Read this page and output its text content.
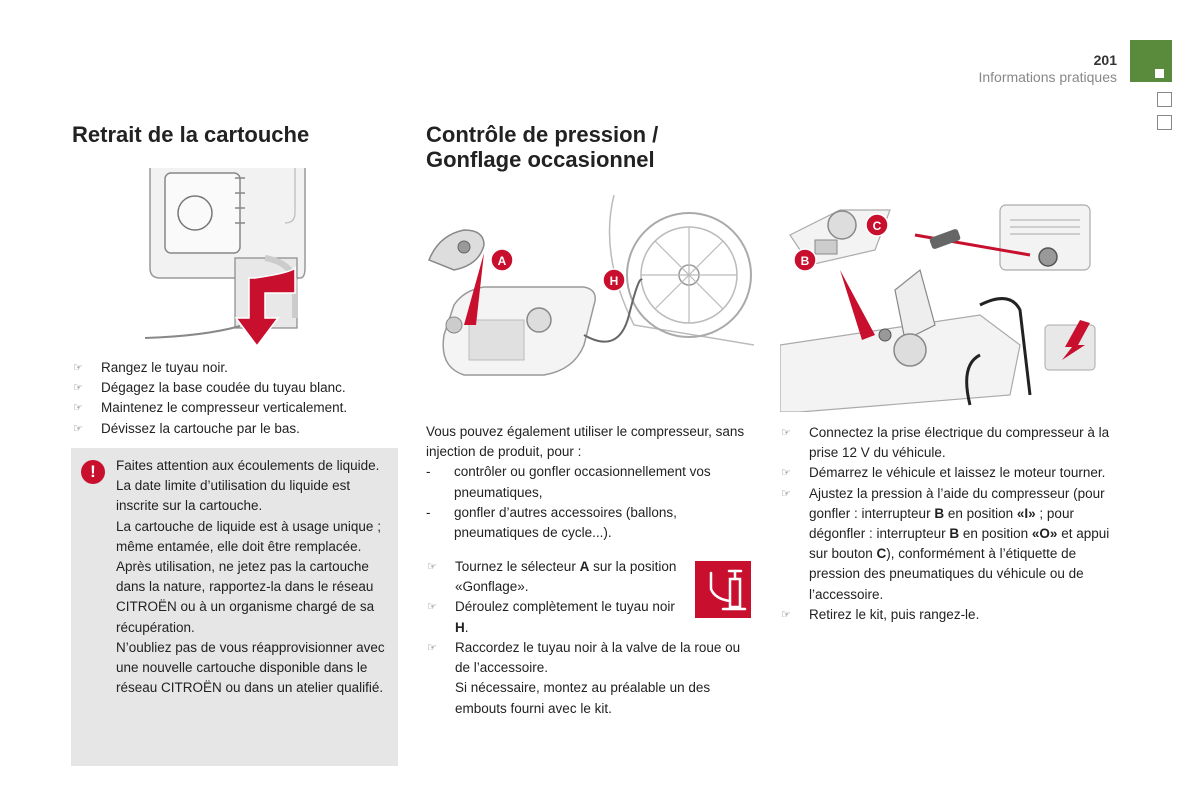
201
Informations pratiques
Retrait de la cartouche
☞ Rangez le tuyau noir.
☞ Dégagez la base coudée du tuyau blanc.
☞ Maintenez le compresseur verticalement.
☞ Dévissez la cartouche par le bas.
!	Faites attention aux écoulements de liquide.
La date limite d’utilisation du liquide est inscrite sur la cartouche.
La cartouche de liquide est à usage unique ; même entamée, elle doit être remplacée.
Après utilisation, ne jetez pas la cartouche dans la nature, rapportez-la dans le réseau CITROËN ou à un organisme chargé de sa récupération.
N’oubliez pas de vous réapprovisionner avec une nouvelle cartouche disponible dans le réseau CITROËN ou dans un atelier qualifié.
Contrôle de pression /
Gonflage occasionnel
A
H
Vous pouvez également utiliser le compresseur, sans injection de produit, pour :
- contrôler ou gonfler occasionnellement vos pneumatiques,
- gonfler d’autres accessoires (ballons, pneumatiques de cycle...).
☞ Tournez le sélecteur A sur la position «Gonflage».
☞ Déroulez complètement le tuyau noir H.
☞ Raccordez le tuyau noir à la valve de la roue ou de l’accessoire.
Si nécessaire, montez au préalable un des embouts fourni avec le kit.
B
C
☞ Connectez la prise électrique du compresseur à la prise 12 V du véhicule.
☞ Démarrez le véhicule et laissez le moteur tourner.
☞ Ajustez la pression à l’aide du compresseur (pour gonfler : interrupteur B en position «I» ; pour dégonfler : interrupteur B en position «O» et appui sur bouton C), conformément à l’étiquette de pression des pneumatiques du véhicule ou de l’accessoire.
☞ Retirez le kit, puis rangez-le.
